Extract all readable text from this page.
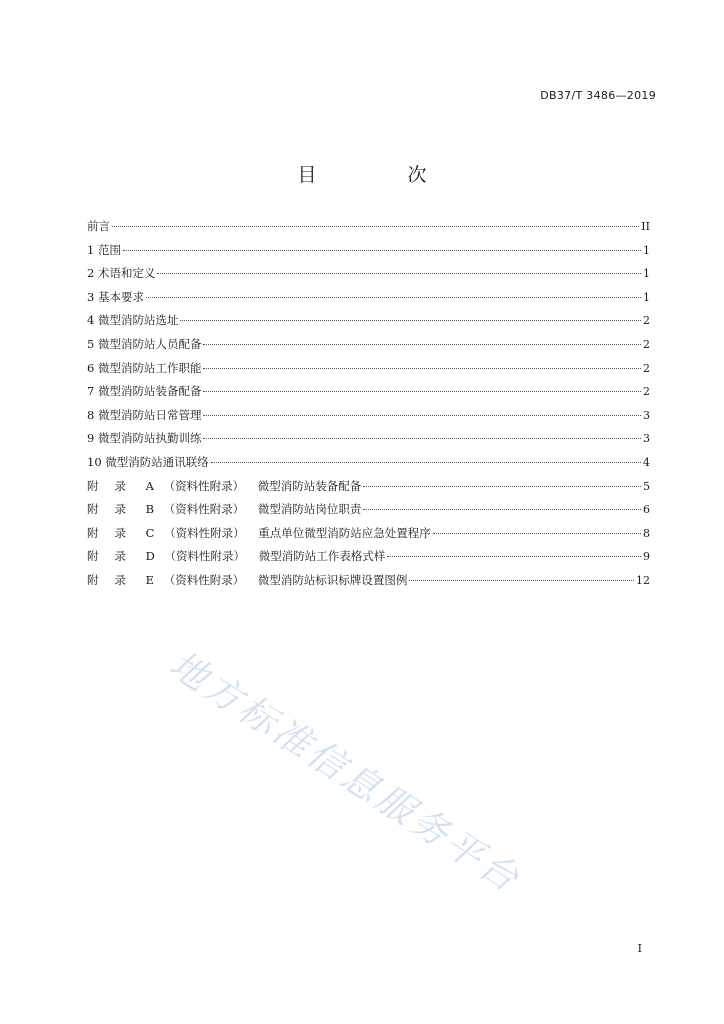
DB37/T 3486—2019
目　次
前言	II
1 范围	1
2 术语和定义	1
3 基本要求	1
4 微型消防站选址	2
5 微型消防站人员配备	2
6 微型消防站工作职能	2
7 微型消防站装备配备	2
8 微型消防站日常管理	3
9 微型消防站执勤训练	3
10 微型消防站通讯联络	4
附录 A （资料性附录） 微型消防站装备配备	5
附录 B （资料性附录） 微型消防站岗位职责	6
附录 C （资料性附录） 重点单位微型消防站应急处置程序	8
附录 D （资料性附录） 微型消防站工作表格式样	9
附录 E （资料性附录） 微型消防站标识标牌设置图例	12
地方标准信息服务平台
I
